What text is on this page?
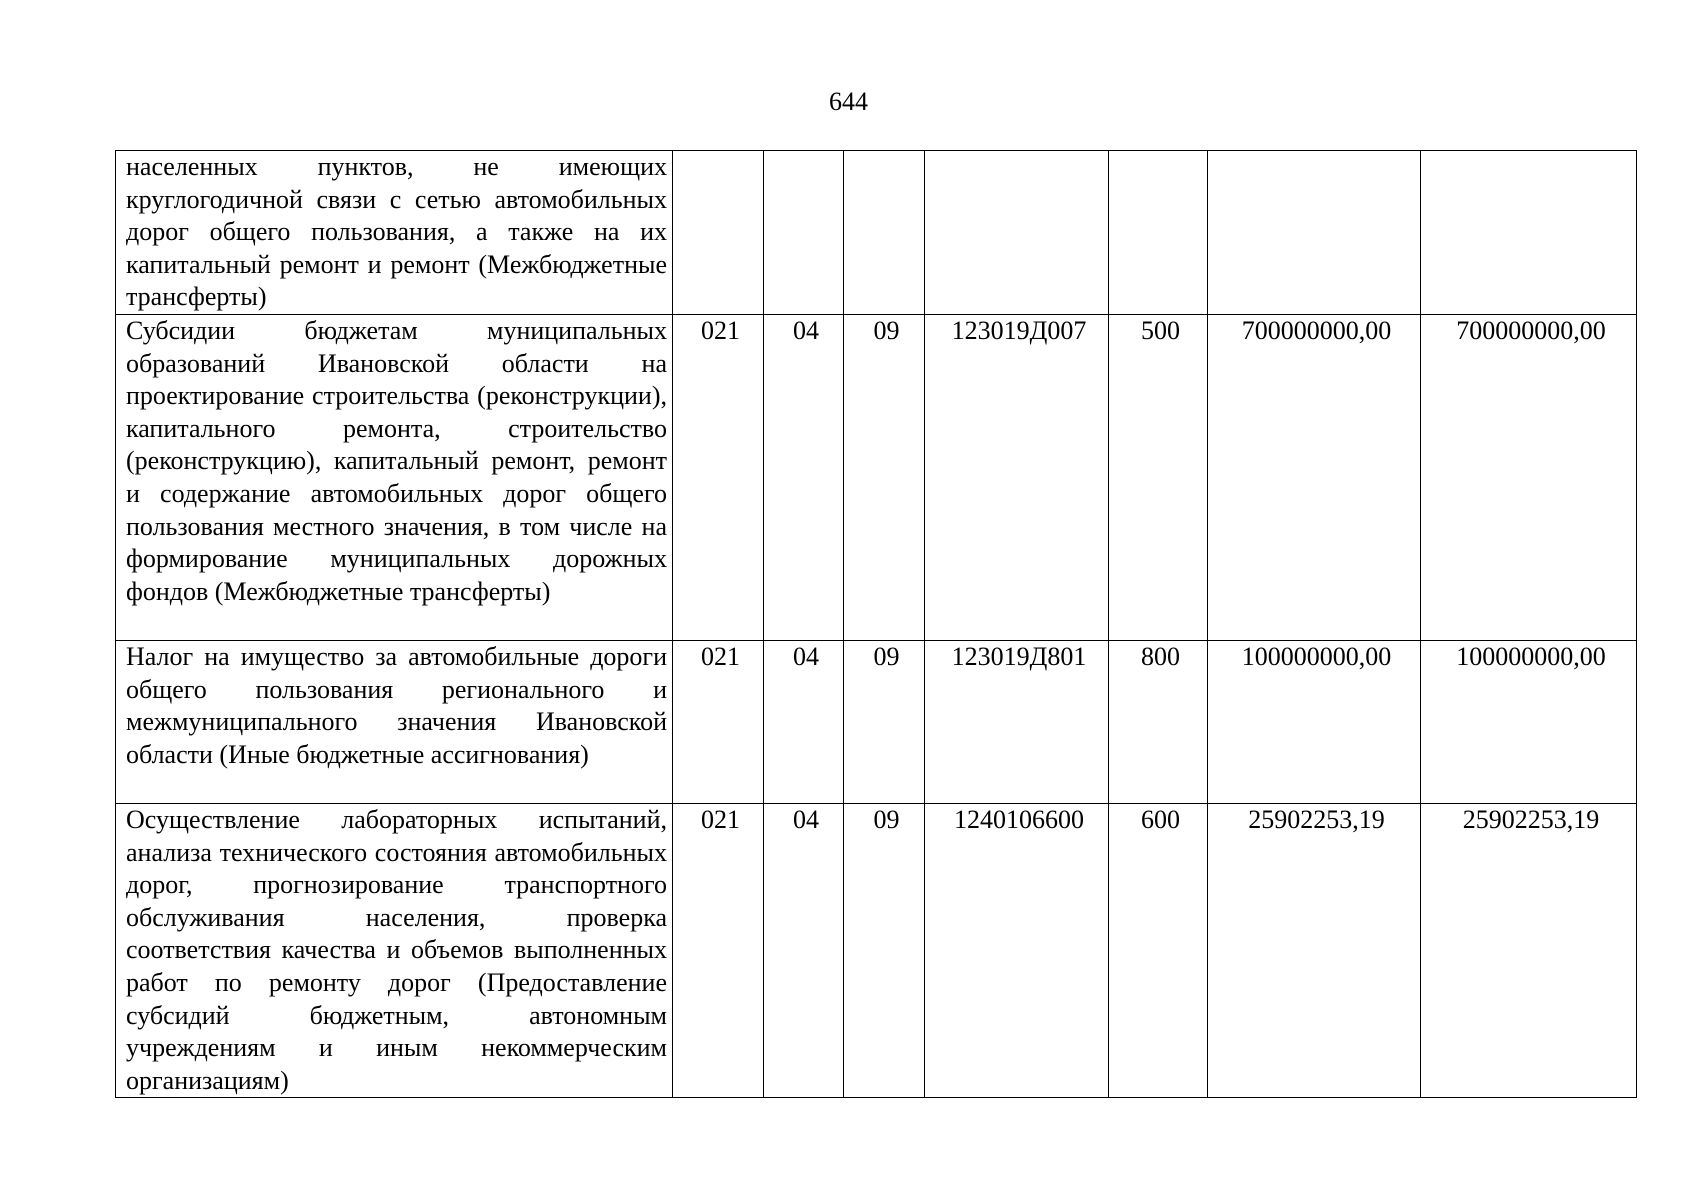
644
населенных пунктов, не имеющих круглогодичной связи с сетью автомобильных дорог общего пользования, а также на их капитальный ремонт и ремонт (Межбюджетные трансферты)							
Субсидии бюджетам муниципальных образований Ивановской области на проектирование строительства (реконструкции), капитального ремонта, строительство (реконструкцию), капитальный ремонт, ремонт и содержание автомобильных дорог общего пользования местного значения, в том числе на формирование муниципальных дорожных фондов (Межбюджетные трансферты)	021	04	09	123019Д007	500	700000000,00	700000000,00
Налог на имущество за автомобильные дороги общего пользования регионального и межмуниципального значения Ивановской области (Иные бюджетные ассигнования)	021	04	09	123019Д801	800	100000000,00	100000000,00
Осуществление лабораторных испытаний, анализа технического состояния автомобильных дорог, прогнозирование транспортного обслуживания населения, проверка соответствия качества и объемов выполненных работ по ремонту дорог (Предоставление субсидий бюджетным, автономным учреждениям и иным некоммерческим организациям)	021	04	09	1240106600	600	25902253,19	25902253,19
